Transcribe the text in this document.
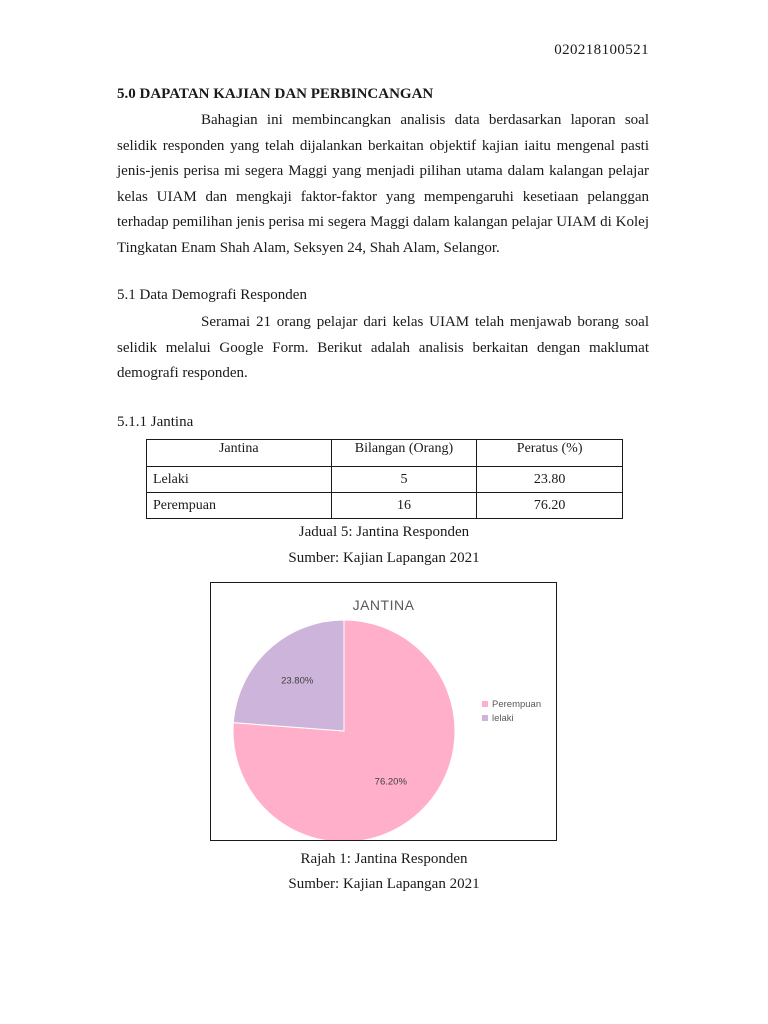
020218100521
5.0 DAPATAN KAJIAN DAN PERBINCANGAN

Bahagian ini membincangkan analisis data berdasarkan laporan soal selidik responden yang telah dijalankan berkaitan objektif kajian iaitu mengenal pasti jenis-jenis perisa mi segera Maggi yang menjadi pilihan utama dalam kalangan pelajar kelas UIAM dan mengkaji faktor-faktor yang mempengaruhi kesetiaan pelanggan terhadap pemilihan jenis perisa mi segera Maggi dalam kalangan pelajar UIAM di Kolej Tingkatan Enam Shah Alam, Seksyen 24, Shah Alam, Selangor.

5.1 Data Demografi Responden

Seramai 21 orang pelajar dari kelas UIAM telah menjawab borang soal selidik melalui Google Form. Berikut adalah analisis berkaitan dengan maklumat demografi responden.

5.1.1 Jantina
Jantina	Bilangan (Orang)	Peratus (%)
Lelaki	5	23.80
Perempuan	16	76.20
Jadual 5: Jantina Responden
Sumber: Kajian Lapangan 2021
76.20%
23.80%
JANTINA
Perempuan
lelaki
Rajah 1: Jantina Responden
Sumber: Kajian Lapangan 2021
